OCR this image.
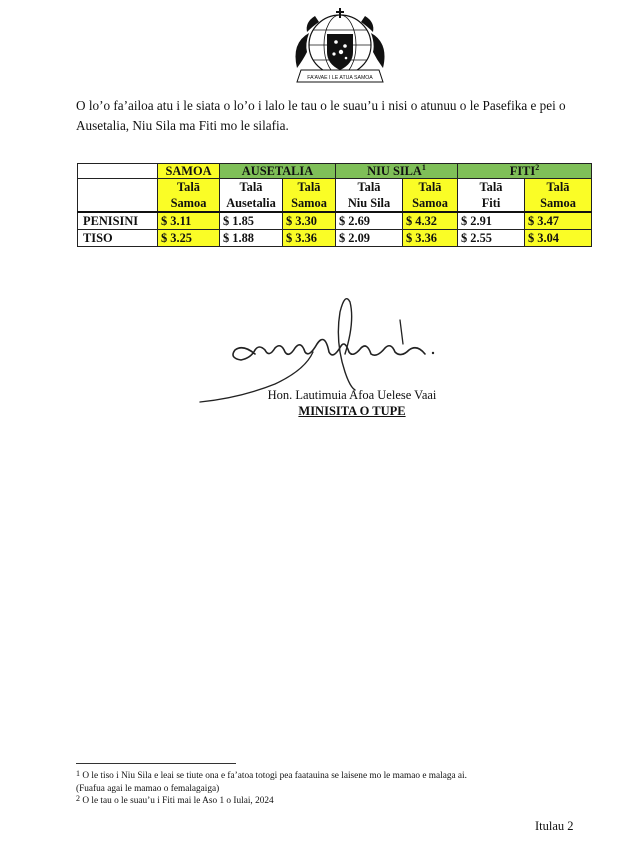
FA'AVAE I LE ATUA SAMOA

O lo’o fa’ailoa atu i le siata o lo’o i lalo le tau o le suau’u i nisi o atunuu o le Pasefika e pei o Ausetalia, Niu Sila ma Fiti mo le silafia.

	SAMOA	AUSETALIA		NIU SILA$^1$		FITI$^2$
	Talā	Talā	Talā	Talā	Talā	Talā	Talā
	Samoa	Ausetalia	Samoa	Niu Sila	Samoa	Fiti	Samoa
PENISINI	$ 3.11	$ 1.85	$ 3.30	$ 2.69	$ 4.32	$ 2.91	$ 3.47
TISO	$ 3.25	$ 1.88	$ 3.36	$ 2.09	$ 3.36	$ 2.55	$ 3.04
Hon. Lautimuia Afoa Uelese Vaai
MINISITA O TUPE

$^1$ O le tiso i Niu Sila e leai se tiute ona e fa’atoa totogi pea faatauina se laisene mo le mamao e malaga ai.

(Fuafua agai le mamao o femalagaiga)

$^2$ O le tau o le suau’u i Fiti mai le Aso 1 o Iulai, 2024

Itulau 2
